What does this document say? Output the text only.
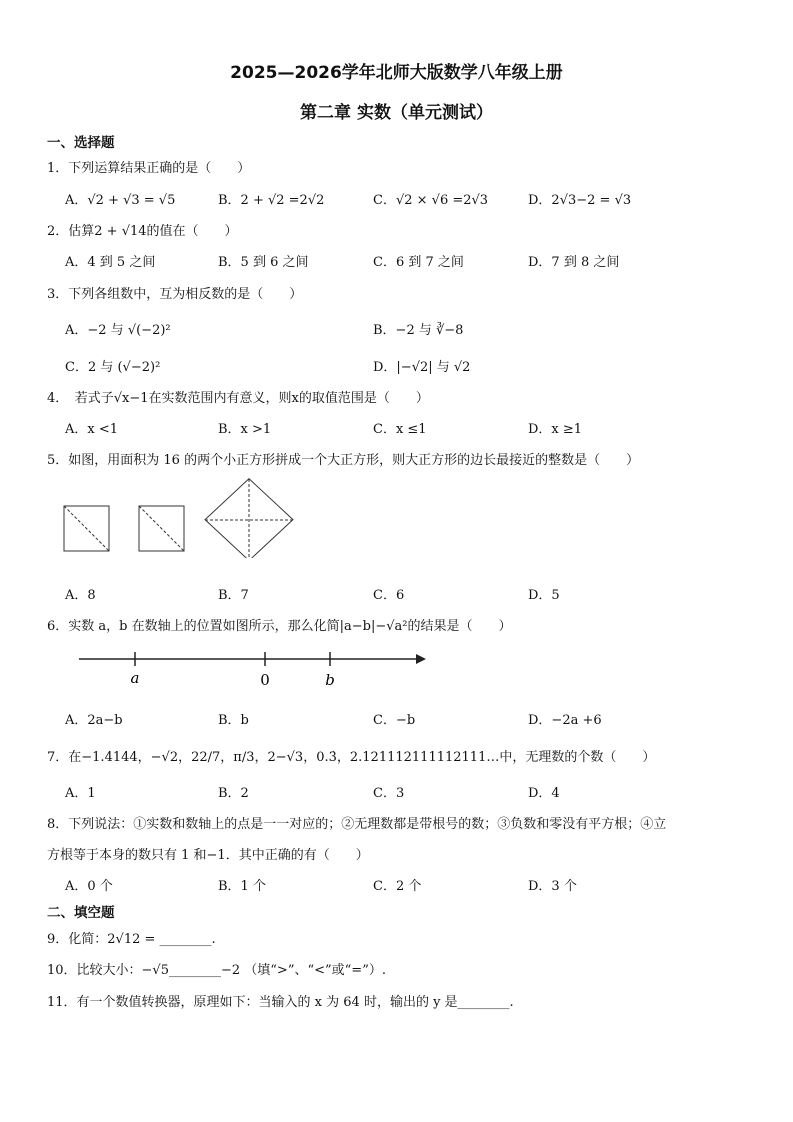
2025—2026学年北师大版数学八年级上册
第二章 实数（单元测试）
一、选择题
1．下列运算结果正确的是（　　）
A．√2 + √3 = √5	B．2 + √2 =2√2	C．√2 × √6 =2√3	D．2√3−2 = √3
2．估算2 + √14的值在（　　）
A．4 到 5 之间	B．5 到 6 之间	C．6 到 7 之间	D．7 到 8 之间
3．下列各组数中，互为相反数的是（　　）
A．−2 与 √(−2)²	B．−2 与 ∛−8
C．2 与 (√−2)²	D．|−√2| 与 √2
4．　若式子√x−1在实数范围内有意义，则x的取值范围是（　　）
A．x <1	B．x >1	C．x ≤1	D．x ≥1
5．如图，用面积为 16 的两个小正方形拼成一个大正方形，则大正方形的边长最接近的整数是（　　）
A．8	B．7	C．6	D．5
6．实数 a，b 在数轴上的位置如图所示，那么化简|a−b|−√a²的结果是（　　）
a	0	b
A．2a−b	B．b	C．−b	D．−2a +6
7．在−1.4144，−√2，22/7，π/3，2−√3，0.3̇，2.121112111112111…中，无理数的个数（　　）
A．1	B．2	C．3	D．4
8．下列说法：①实数和数轴上的点是一一对应的；②无理数都是带根号的数；③负数和零没有平方根；④立
方根等于本身的数只有 1 和−1．其中正确的有（　　）
A．0 个	B．1 个	C．2 个	D．3 个
二、填空题
9．化简：2√12 = ________.
10．比较大小：−√5________−2 （填“>”、“<”或“=”）.
11．有一个数值转换器，原理如下：当输入的 x 为 64 时，输出的 y 是________.
